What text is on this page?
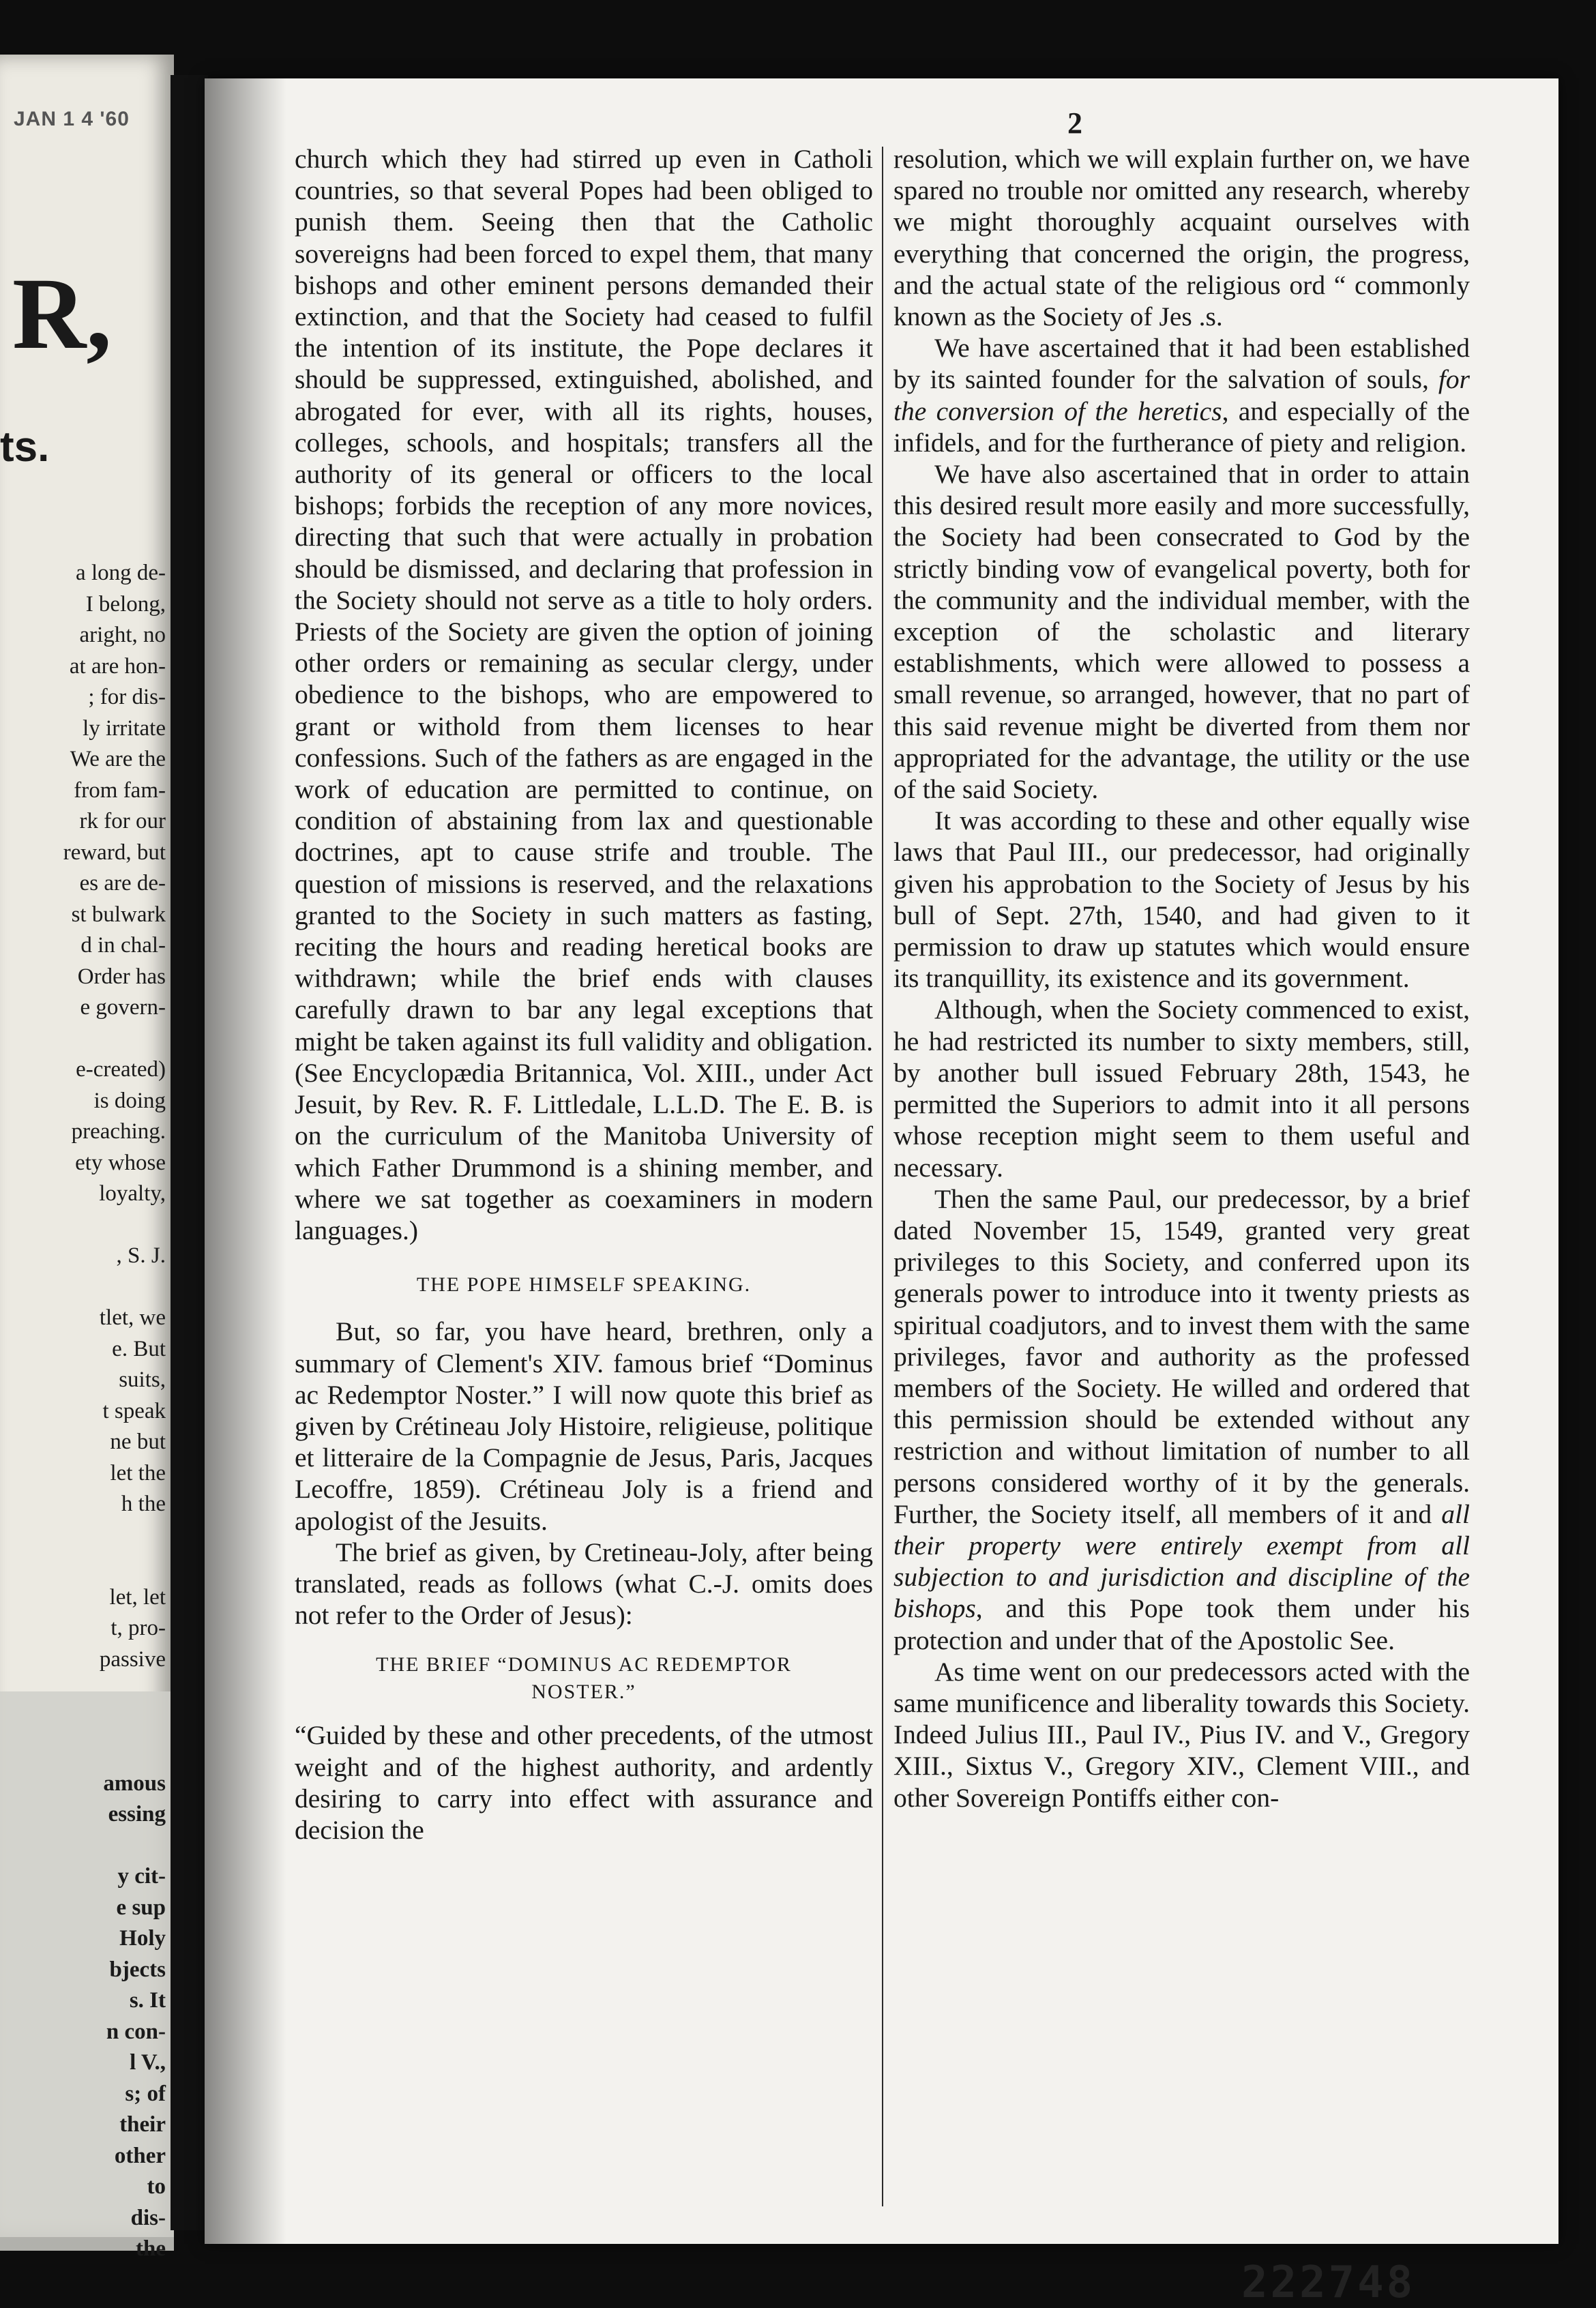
JAN 1 4 '60
R,
ts.
a long de-
I belong,
aright, no
at are hon-
; for dis-
ly irritate
We are the
from fam-
rk for our
reward, but
es are de-
st bulwark
d in chal-
Order has
e govern-
e-created)
is doing
preaching.
ety whose
loyalty,
, S. J.
tlet, we
e. But
suits,
t speak
ne but
let the
h the
let, let
t, pro-
passive
amous
essing
y cit-
e sup
Holy
bjects
s. It
n con-
l V.,
s; of
their
other
to
dis-
the
2

church which they had stirred up even in Catholi countries, so that several Popes had been obliged to punish them. Seeing then that the Catholic sovereigns had been forced to expel them, that many bishops and other eminent persons demanded their extinction, and that the Society had ceased to fulfil the intention of its institute, the Pope declares it should be suppressed, extinguished, abolished, and abrogated for ever, with all its rights, houses, colleges, schools, and hospitals; transfers all the authority of its general or officers to the local bishops; forbids the reception of any more novices, directing that such that were actually in probation should be dismissed, and declaring that profession in the Society should not serve as a title to holy orders. Priests of the Society are given the option of joining other orders or remaining as secular clergy, under obedience to the bishops, who are empowered to grant or withold from them licenses to hear confessions. Such of the fathers as are engaged in the work of education are permitted to continue, on condition of abstaining from lax and questionable doctrines, apt to cause strife and trouble. The question of missions is reserved, and the relaxations granted to the Society in such matters as fasting, reciting the hours and reading heretical books are withdrawn; while the brief ends with clauses carefully drawn to bar any legal exceptions that might be taken against its full validity and obligation. (See Encyclopædia Britannica, Vol. XIII., under Act Jesuit, by Rev. R. F. Littledale, L.L.D. The E. B. is on the curriculum of the Manitoba University of which Father Drummond is a shining member, and where we sat together as coexaminers in modern languages.)

THE POPE HIMSELF SPEAKING.

But, so far, you have heard, brethren, only a summary of Clement's XIV. famous brief “Dominus ac Redemptor Noster.” I will now quote this brief as given by Crétineau Joly Histoire, religieuse, politique et litteraire de la Compagnie de Jesus, Paris, Jacques Lecoffre, 1859). Crétineau Joly is a friend and apologist of the Jesuits.

The brief as given, by Cretineau-Joly, after being translated, reads as follows (what C.-J. omits does not refer to the Order of Jesus):

THE BRIEF “DOMINUS AC REDEMPTOR NOSTER.”

“Guided by these and other precedents, of the utmost weight and of the highest authority, and ardently desiring to carry into effect with assurance and decision the

resolution, which we will explain further on, we have spared no trouble nor omitted any research, whereby we might thoroughly acquaint ourselves with everything that concerned the origin, the progress, and the actual state of the religious ord “ commonly known as the Society of Jes .s.

We have ascertained that it had been established by its sainted founder for the salvation of souls, for the conversion of the heretics, and especially of the infidels, and for the furtherance of piety and religion.

We have also ascertained that in order to attain this desired result more easily and more successfully, the Society had been consecrated to God by the strictly binding vow of evangelical poverty, both for the community and the individual member, with the exception of the scholastic and literary establishments, which were allowed to possess a small revenue, so arranged, however, that no part of this said revenue might be diverted from them nor appropriated for the advantage, the utility or the use of the said Society.

It was according to these and other equally wise laws that Paul III., our predecessor, had originally given his approbation to the Society of Jesus by his bull of Sept. 27th, 1540, and had given to it permission to draw up statutes which would ensure its tranquillity, its existence and its government.

Although, when the Society commenced to exist, he had restricted its number to sixty members, still, by another bull issued February 28th, 1543, he permitted the Superiors to admit into it all persons whose reception might seem to them useful and necessary.

Then the same Paul, our predecessor, by a brief dated November 15, 1549, granted very great privileges to this Society, and conferred upon its generals power to introduce into it twenty priests as spiritual coadjutors, and to invest them with the same privileges, favor and authority as the professed members of the Society. He willed and ordered that this permission should be extended without any restriction and without limitation of number to all persons considered worthy of it by the generals. Further, the Society itself, all members of it and all their property were entirely exempt from all subjection to and jurisdiction and discipline of the bishops, and this Pope took them under his protection and under that of the Apostolic See.

As time went on our predecessors acted with the same munificence and liberality towards this Society. Indeed Julius III., Paul IV., Pius IV. and V., Gregory XIII., Sixtus V., Gregory XIV., Clement VIII., and other Sovereign Pontiffs either con-

222748
